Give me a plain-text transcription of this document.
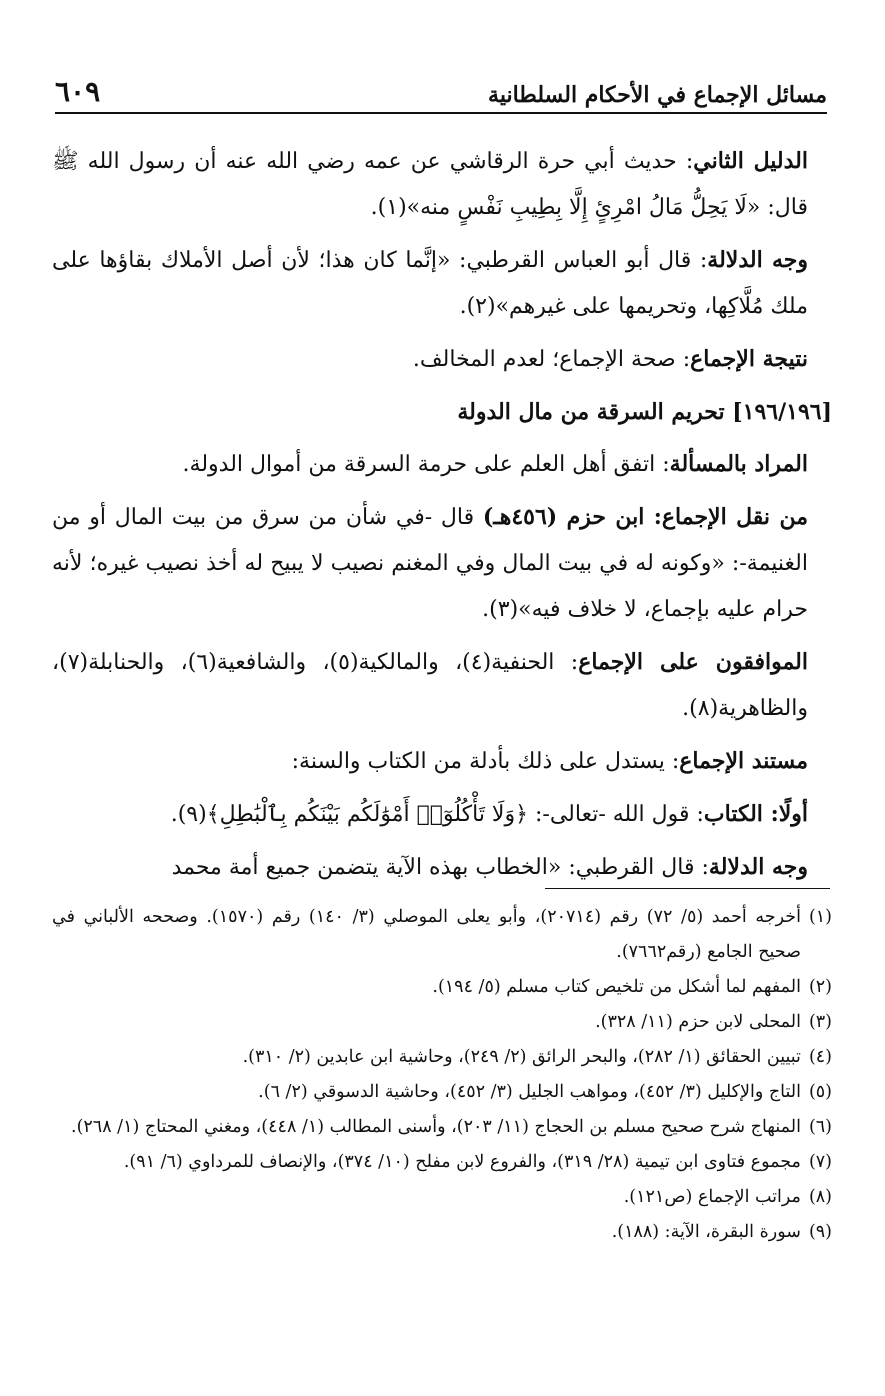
مسائل الإجماع في الأحكام السلطانية
٦٠٩

الدليل الثاني: حديث أبي حرة الرقاشي عن عمه رضي الله عنه أن رسول الله ﷺ قال: «لَا يَحِلُّ مَالُ امْرِئٍ إِلَّا بِطِيبِ نَفْسٍ منه»(١).

وجه الدلالة: قال أبو العباس القرطبي: «إنَّما كان هذا؛ لأن أصل الأملاك بقاؤها على ملك مُلَّاكِها، وتحريمها على غيرهم»(٢).

نتيجة الإجماع: صحة الإجماع؛ لعدم المخالف.

[١٩٦/١٩٦] تحريم السرقة من مال الدولة

المراد بالمسألة: اتفق أهل العلم على حرمة السرقة من أموال الدولة.

من نقل الإجماع: ابن حزم (٤٥٦هـ) قال -في شأن من سرق من بيت المال أو من الغنيمة-: «وكونه له في بيت المال وفي المغنم نصيب لا يبيح له أخذ نصيب غيره؛ لأنه حرام عليه بإجماع، لا خلاف فيه»(٣).

الموافقون على الإجماع: الحنفية(٤)، والمالكية(٥)، والشافعية(٦)، والحنابلة(٧)، والظاهرية(٨).

مستند الإجماع: يستدل على ذلك بأدلة من الكتاب والسنة:

أولًا: الكتاب: قول الله -تعالى-: ﴿وَلَا تَأْكُلُوٓا۟ أَمْوَٰلَكُم بَيْنَكُم بِٱلْبَٰطِلِ﴾(٩).

وجه الدلالة: قال القرطبي: «الخطاب بهذه الآية يتضمن جميع أمة محمد

(١)
أخرجه أحمد (٥/ ٧٢) رقم (٢٠٧١٤)، وأبو يعلى الموصلي (٣/ ١٤٠) رقم (١٥٧٠). وصححه الألباني في صحيح الجامع (رقم٧٦٦٢).

(٢)
المفهم لما أشكل من تلخيص كتاب مسلم (٥/ ١٩٤).

(٣)
المحلى لابن حزم (١١/ ٣٢٨).

(٤)
تبيين الحقائق (١/ ٢٨٢)، والبحر الرائق (٢/ ٢٤٩)، وحاشية ابن عابدين (٢/ ٣١٠).

(٥)
التاج والإكليل (٣/ ٤٥٢)، ومواهب الجليل (٣/ ٤٥٢)، وحاشية الدسوقي (٢/ ٦).

(٦)
المنهاج شرح صحيح مسلم بن الحجاج (١١/ ٢٠٣)، وأسنى المطالب (١/ ٤٤٨)، ومغني المحتاج (١/ ٢٦٨).

(٧)
مجموع فتاوى ابن تيمية (٢٨/ ٣١٩)، والفروع لابن مفلح (١٠/ ٣٧٤)، والإنصاف للمرداوي (٦/ ٩١).

(٨)
مراتب الإجماع (ص١٢١).

(٩)
سورة البقرة، الآية: (١٨٨).
